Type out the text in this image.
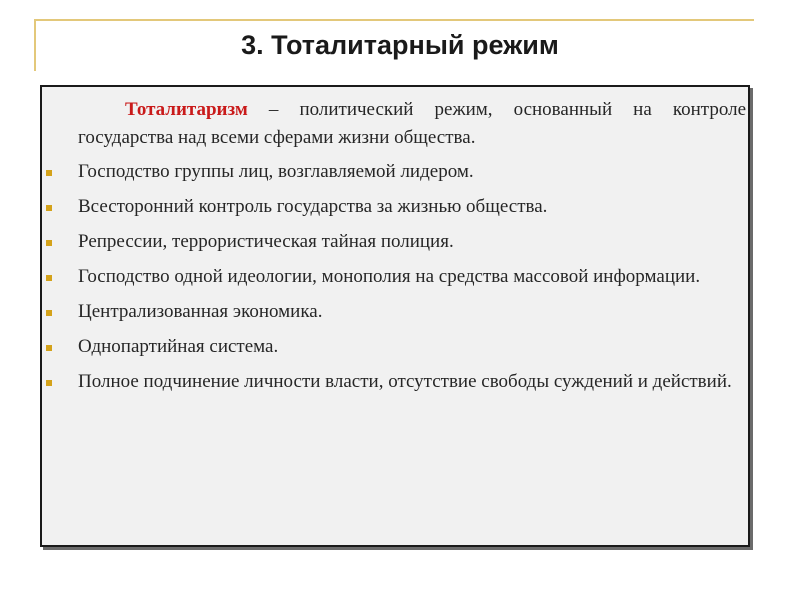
3. Тоталитарный режим

Тоталитаризм – политический режим, основанный на контроле государства над всеми сферами жизни общества.

Господство группы лиц, возглавляемой лидером.
Всесторонний контроль государства за жизнью общества.
Репрессии, террористическая тайная полиция.
Господство одной идеологии, монополия на средства массовой информации.
Централизованная экономика.
Однопартийная система.
Полное подчинение личности власти, отсутствие свободы суждений и действий.
